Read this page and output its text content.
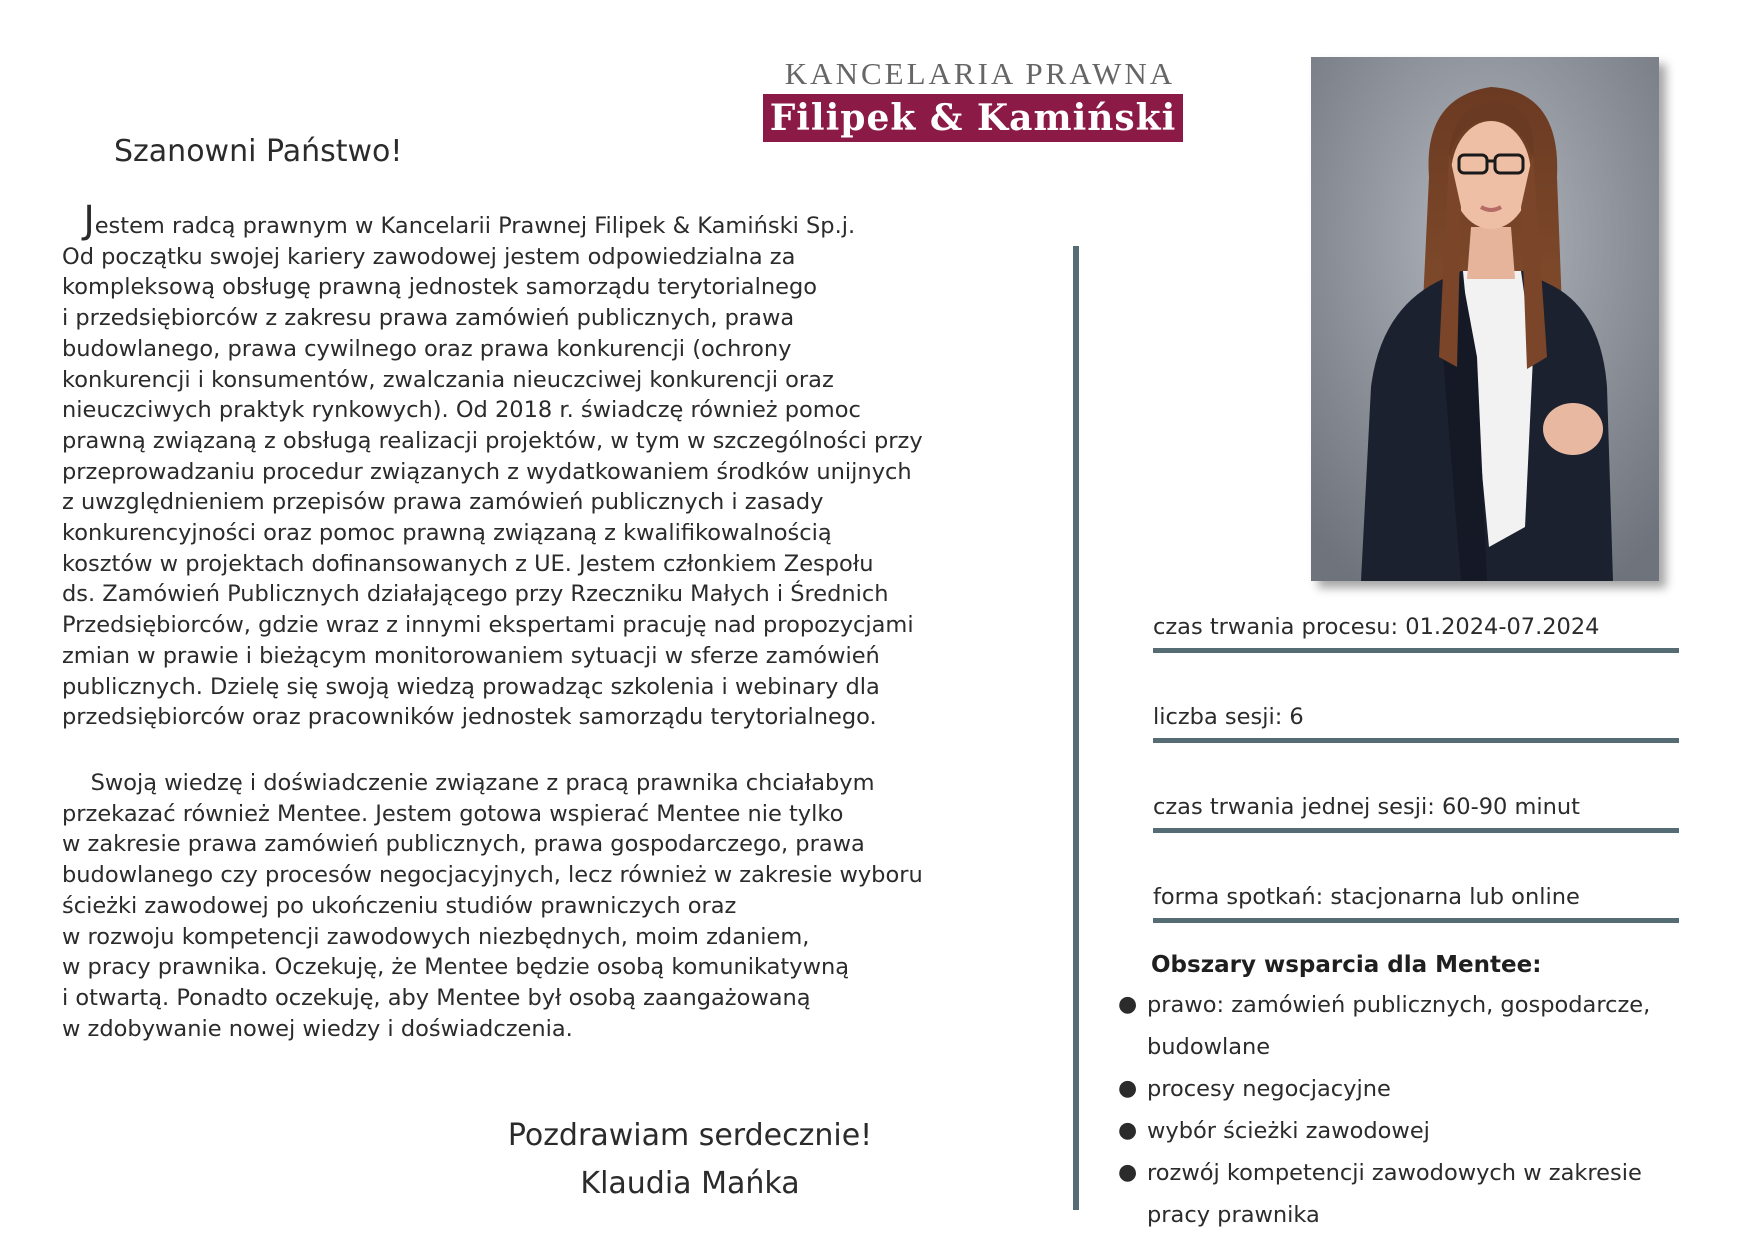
KANCELARIA PRAWNA
Filipek & Kamiński
Szanowni Państwo!
Jestem radcą prawnym w Kancelarii Prawnej Filipek & Kamiński Sp.j.
Od początku swojej kariery zawodowej jestem odpowiedzialna za
kompleksową obsługę prawną jednostek samorządu terytorialnego
i przedsiębiorców z zakresu prawa zamówień publicznych, prawa
budowlanego, prawa cywilnego oraz prawa konkurencji (ochrony
konkurencji i konsumentów, zwalczania nieuczciwej konkurencji oraz
nieuczciwych praktyk rynkowych). Od 2018 r. świadczę również pomoc
prawną związaną z obsługą realizacji projektów, w tym w szczególności przy
przeprowadzaniu procedur związanych z wydatkowaniem środków unijnych
z uwzględnieniem przepisów prawa zamówień publicznych i zasady
konkurencyjności oraz pomoc prawną związaną z kwalifikowalnością
kosztów w projektach dofinansowanych z UE. Jestem członkiem Zespołu
ds. Zamówień Publicznych działającego przy Rzeczniku Małych i Średnich
Przedsiębiorców, gdzie wraz z innymi ekspertami pracuję nad propozycjami
zmian w prawie i bieżącym monitorowaniem sytuacji w sferze zamówień
publicznych. Dzielę się swoją wiedzą prowadząc szkolenia i webinary dla
przedsiębiorców oraz pracowników jednostek samorządu terytorialnego.
Swoją wiedzę i doświadczenie związane z pracą prawnika chciałabym
przekazać również Mentee. Jestem gotowa wspierać Mentee nie tylko
w zakresie prawa zamówień publicznych, prawa gospodarczego, prawa
budowlanego czy procesów negocjacyjnych, lecz również w zakresie wyboru
ścieżki zawodowej po ukończeniu studiów prawniczych oraz
w rozwoju kompetencji zawodowych niezbędnych, moim zdaniem,
w pracy prawnika. Oczekuję, że Mentee będzie osobą komunikatywną
i otwartą. Ponadto oczekuję, aby Mentee był osobą zaangażowaną
w zdobywanie nowej wiedzy i doświadczenia.
Pozdrawiam serdecznie!
Klaudia Mańka
czas trwania procesu: 01.2024-07.2024
liczba sesji: 6
czas trwania jednej sesji: 60-90 minut
forma spotkań: stacjonarna lub online
Obszary wsparcia dla Mentee:
● prawo: zamówień publicznych, gospodarcze,
budowlane
● procesy negocjacyjne
● wybór ścieżki zawodowej
● rozwój kompetencji zawodowych w zakresie
pracy prawnika
